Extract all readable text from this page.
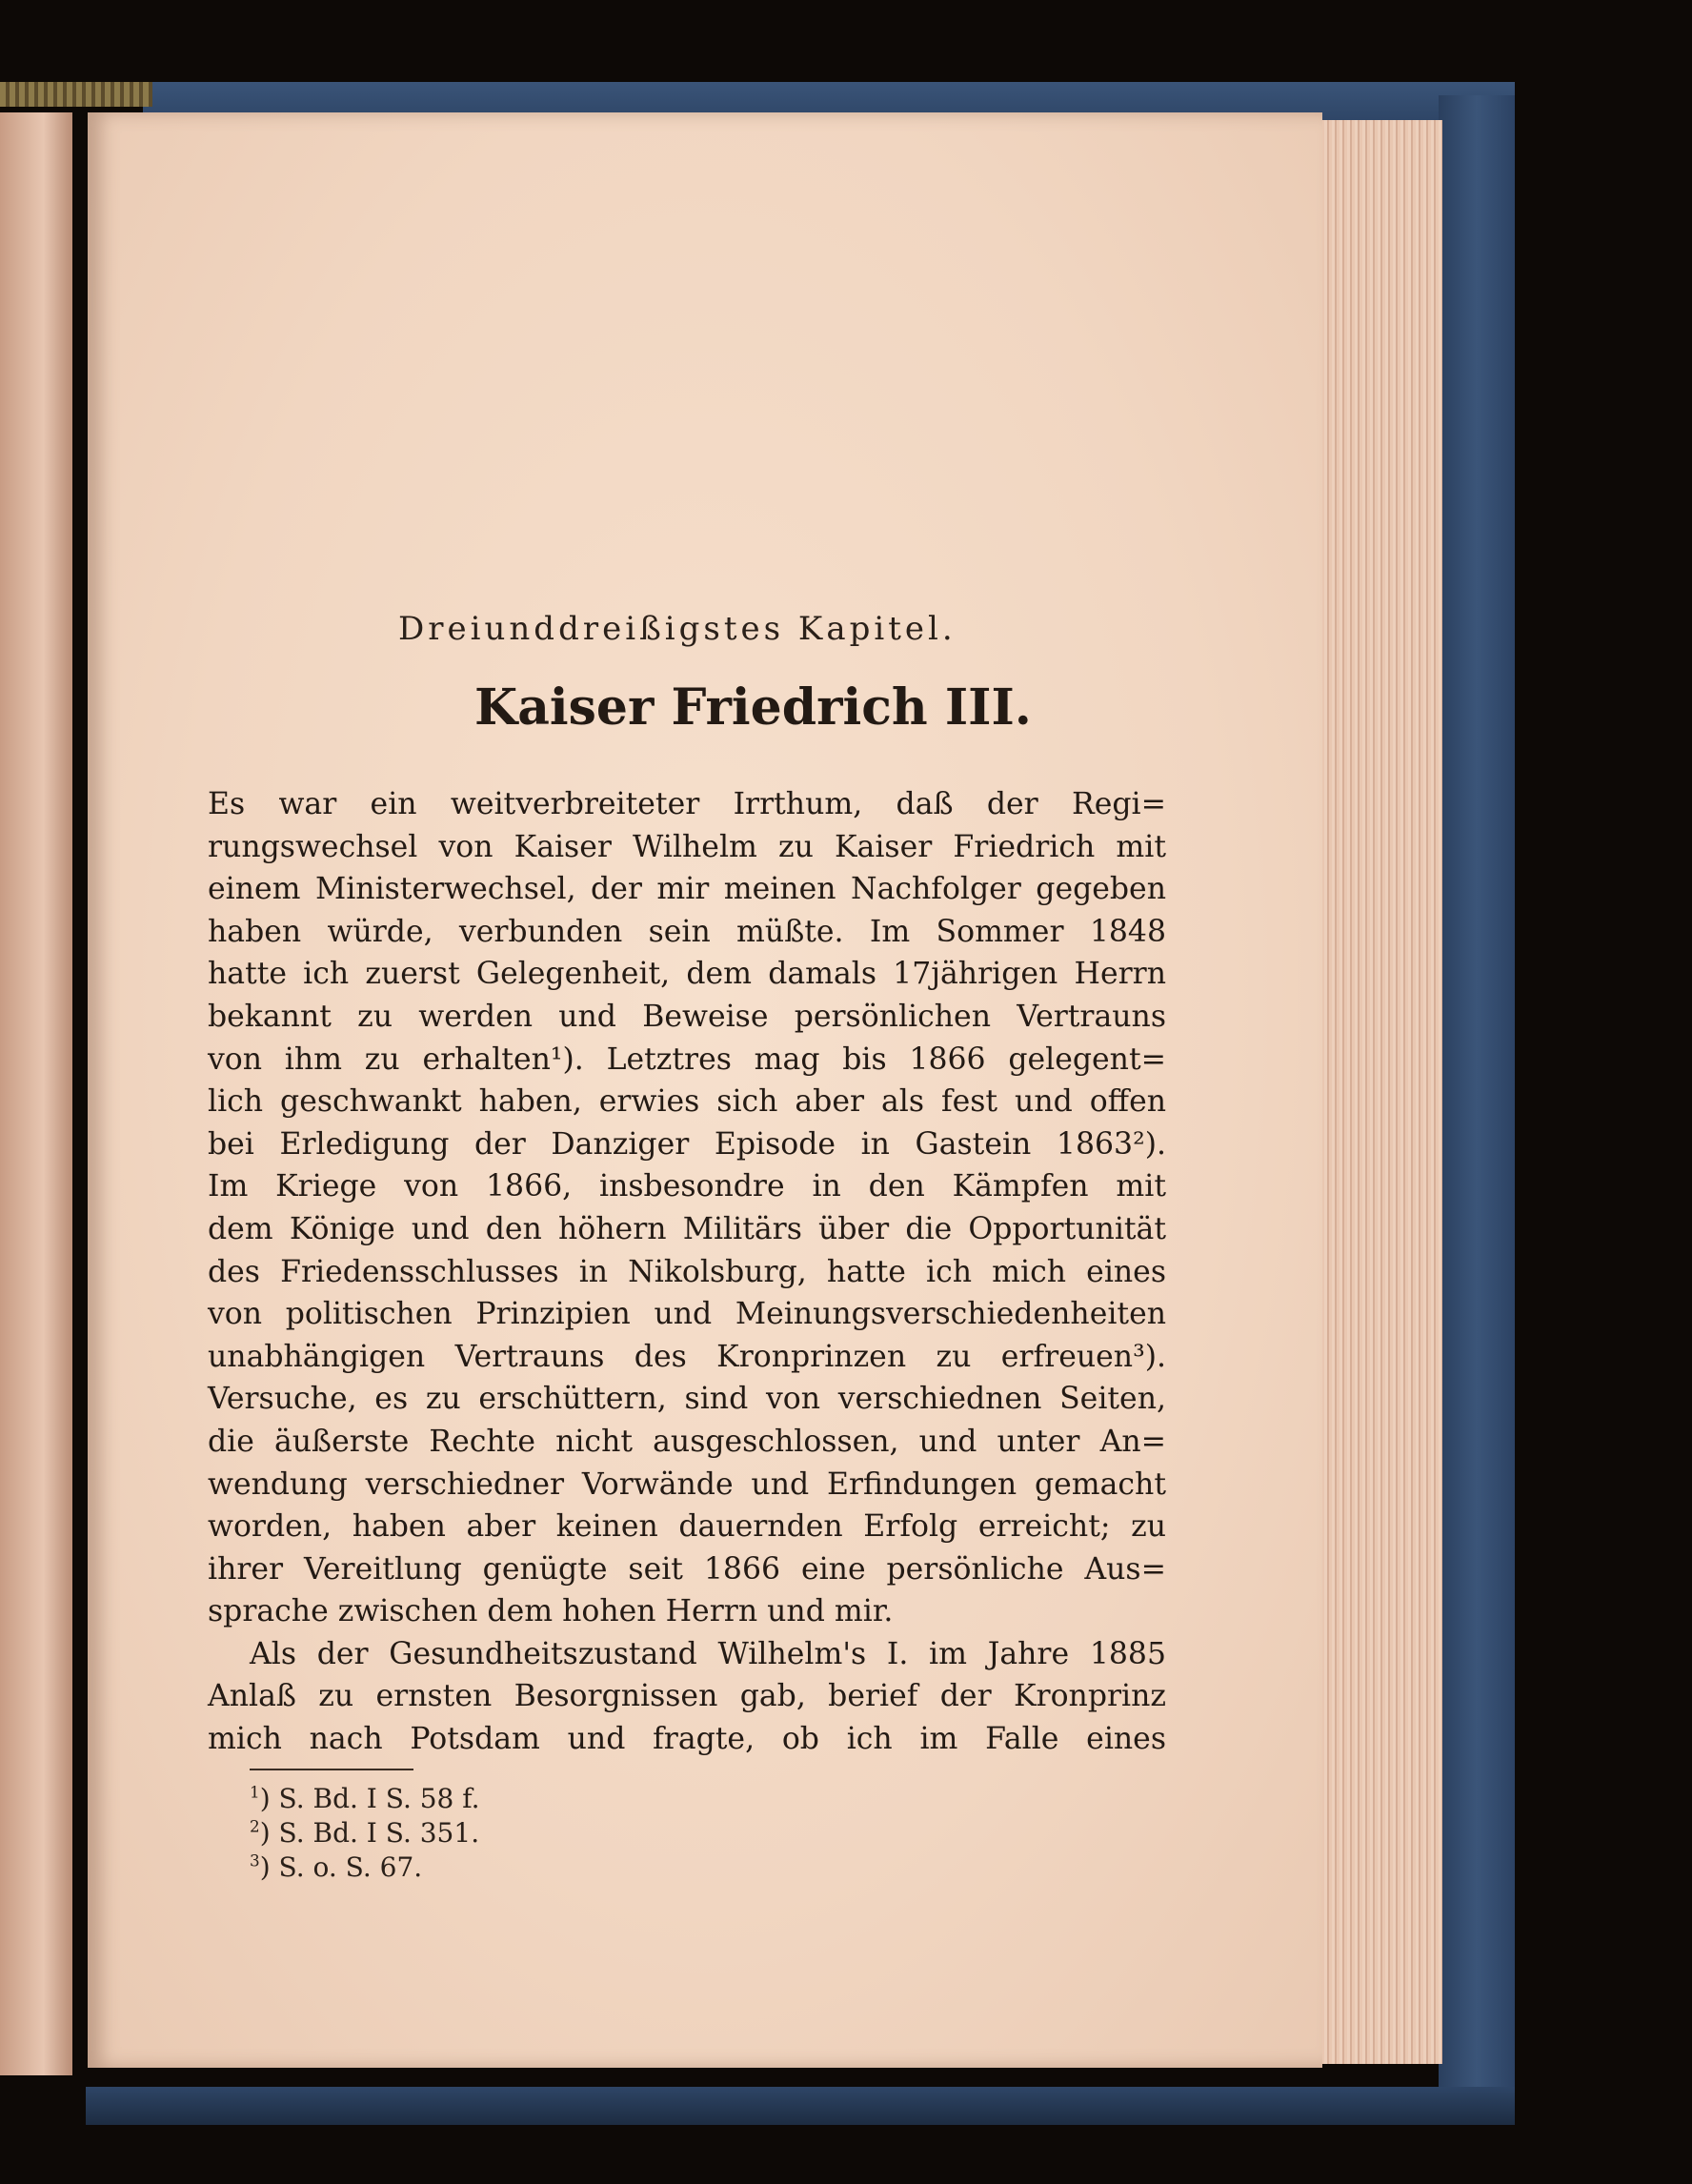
Dreiunddreißigstes Kapitel.
Kaiser Friedrich III.
Es war ein weitverbreiteter Irrthum, daß der Regi=
rungswechsel von Kaiser Wilhelm zu Kaiser Friedrich mit
einem Ministerwechsel, der mir meinen Nachfolger gegeben
haben würde, verbunden sein müßte. Im Sommer 1848
hatte ich zuerst Gelegenheit, dem damals 17jährigen Herrn
bekannt zu werden und Beweise persönlichen Vertrauns
von ihm zu erhalten¹). Letztres mag bis 1866 gelegent=
lich geschwankt haben, erwies sich aber als fest und offen
bei Erledigung der Danziger Episode in Gastein 1863²).
Im Kriege von 1866, insbesondre in den Kämpfen mit
dem Könige und den höhern Militärs über die Opportunität
des Friedensschlusses in Nikolsburg, hatte ich mich eines
von politischen Prinzipien und Meinungsverschiedenheiten
unabhängigen Vertrauns des Kronprinzen zu erfreuen³).
Versuche, es zu erschüttern, sind von verschiednen Seiten,
die äußerste Rechte nicht ausgeschlossen, und unter An=
wendung verschiedner Vorwände und Erfindungen gemacht
worden, haben aber keinen dauernden Erfolg erreicht; zu
ihrer Vereitlung genügte seit 1866 eine persönliche Aus=
sprache zwischen dem hohen Herrn und mir.
Als der Gesundheitszustand Wilhelm's I. im Jahre 1885
Anlaß zu ernsten Besorgnissen gab, berief der Kronprinz
mich nach Potsdam und fragte, ob ich im Falle eines
$^1$) S. Bd. I S. 58 f.
$^2$) S. Bd. I S. 351.
$^3$) S. o. S. 67.
